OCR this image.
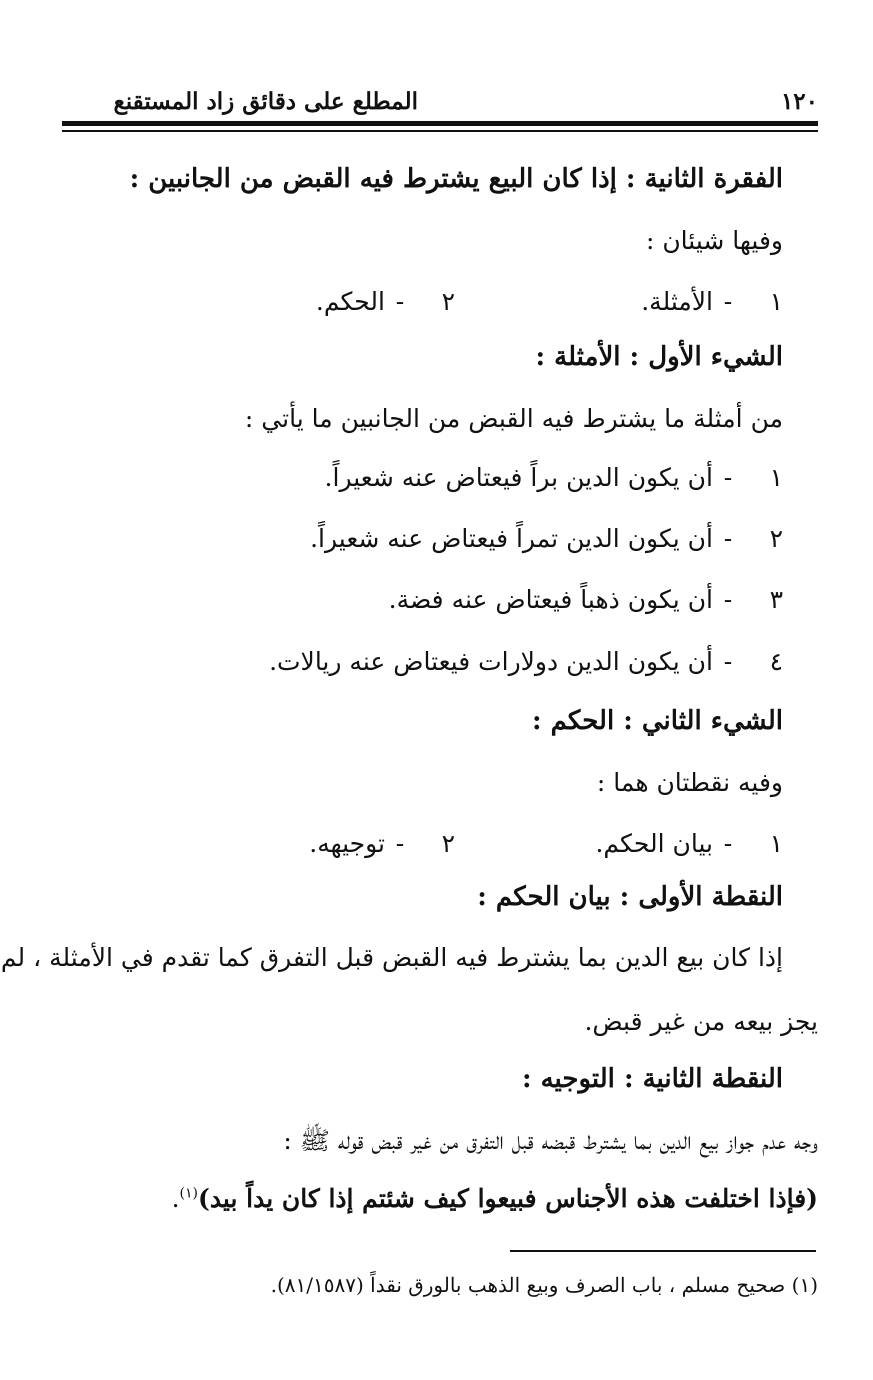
المطلع على دقائق زاد المستقنع	١٢٠
الفقرة الثانية : إذا كان البيع يشترط فيه القبض من الجانبين :
وفيها شيئان :
١-الأمثلة.
٢-الحكم.
الشيء الأول : الأمثلة :
من أمثلة ما يشترط فيه القبض من الجانبين ما يأتي :
١-أن يكون الدين براً فيعتاض عنه شعيراً.
٢-أن يكون الدين تمراً فيعتاض عنه شعيراً.
٣-أن يكون ذهباً فيعتاض عنه فضة.
٤-أن يكون الدين دولارات فيعتاض عنه ريالات.
الشيء الثاني : الحكم :
وفيه نقطتان هما :
١-بيان الحكم.
٢-توجيهه.
النقطة الأولى : بيان الحكم :
إذا كان بيع الدين بما يشترط فيه القبض قبل التفرق كما تقدم في الأمثلة ، لم
يجز بيعه من غير قبض.
النقطة الثانية : التوجيه :
وجه عدم جواز بيع الدين بما يشترط قبضه قبل التفرق من غير قبض قوله ﷺ :
(فإذا اختلفت هذه الأجناس فبيعوا كيف شئتم إذا كان يداً بيد)$^{(١)}$.
(١) صحيح مسلم ، باب الصرف وبيع الذهب بالورق نقداً (٨١/١٥٨٧).
